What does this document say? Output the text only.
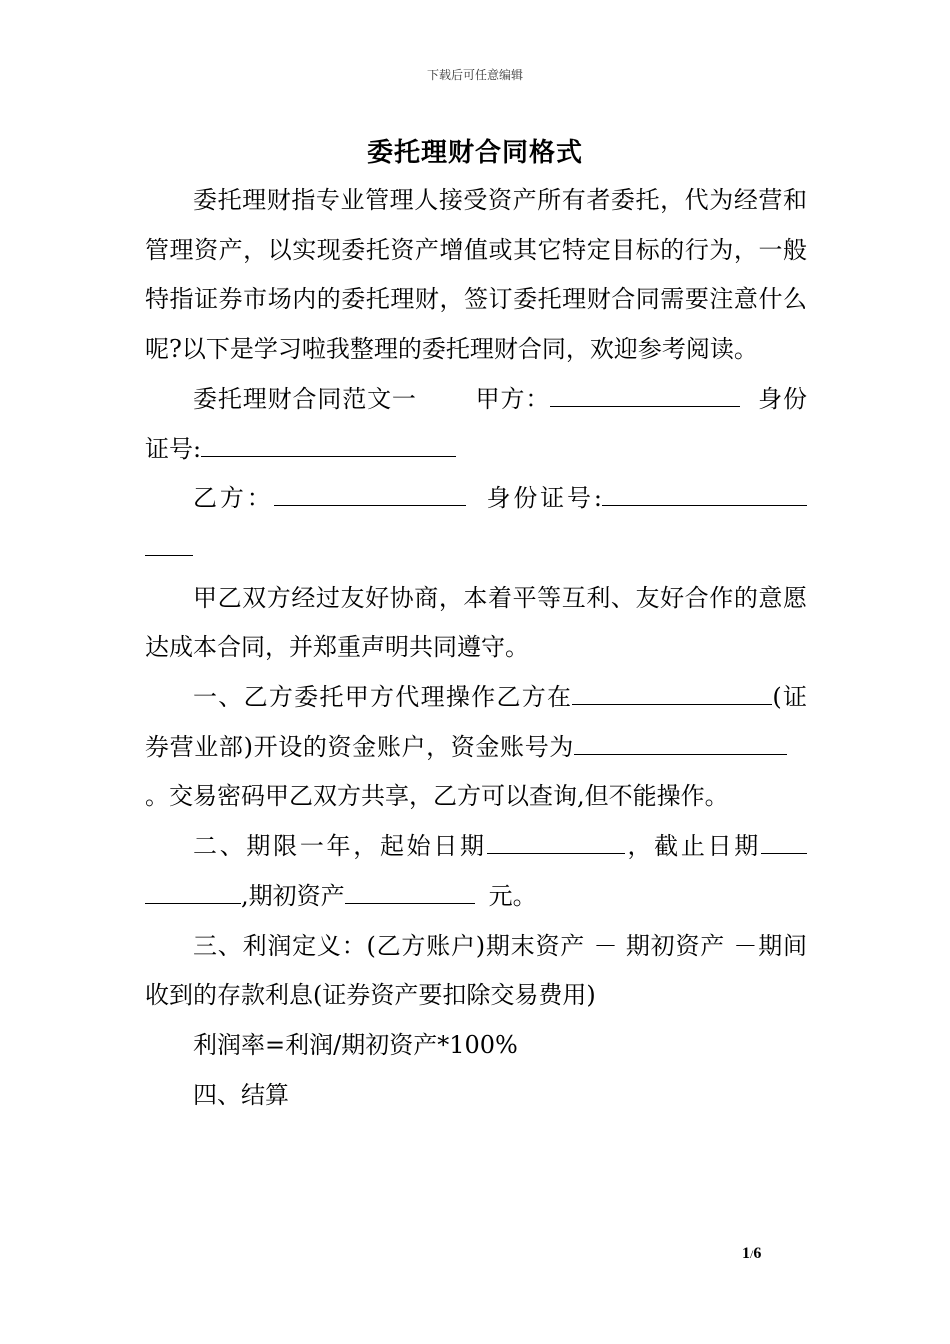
下载后可任意编辑
委托理财合同格式

委托理财指专业管理人接受资产所有者委托，代为经营和管理资产，以实现委托资产增值或其它特定目标的行为，一般特指证券市场内的委托理财，签订委托理财合同需要注意什么呢?以下是学习啦我整理的委托理财合同，欢迎参考阅读。

委托理财合同范文一 甲方：	身份证号:

乙方：	身份证号:

甲乙双方经过友好协商，本着平等互利、友好合作的意愿达成本合同，并郑重声明共同遵守。

一、乙方委托甲方代理操作乙方在	(证券营业部)开设的资金账户，资金账号为。交易密码甲乙双方共享，乙方可以查询,但不能操作。

二、期限一年，起始日期	，截止日期,期初资产	元。

三、利润定义：(乙方账户)期末资产 － 期初资产 －期间收到的存款利息(证券资产要扣除交易费用)

利润率=利润/期初资产*100%

四、结算

1/6
